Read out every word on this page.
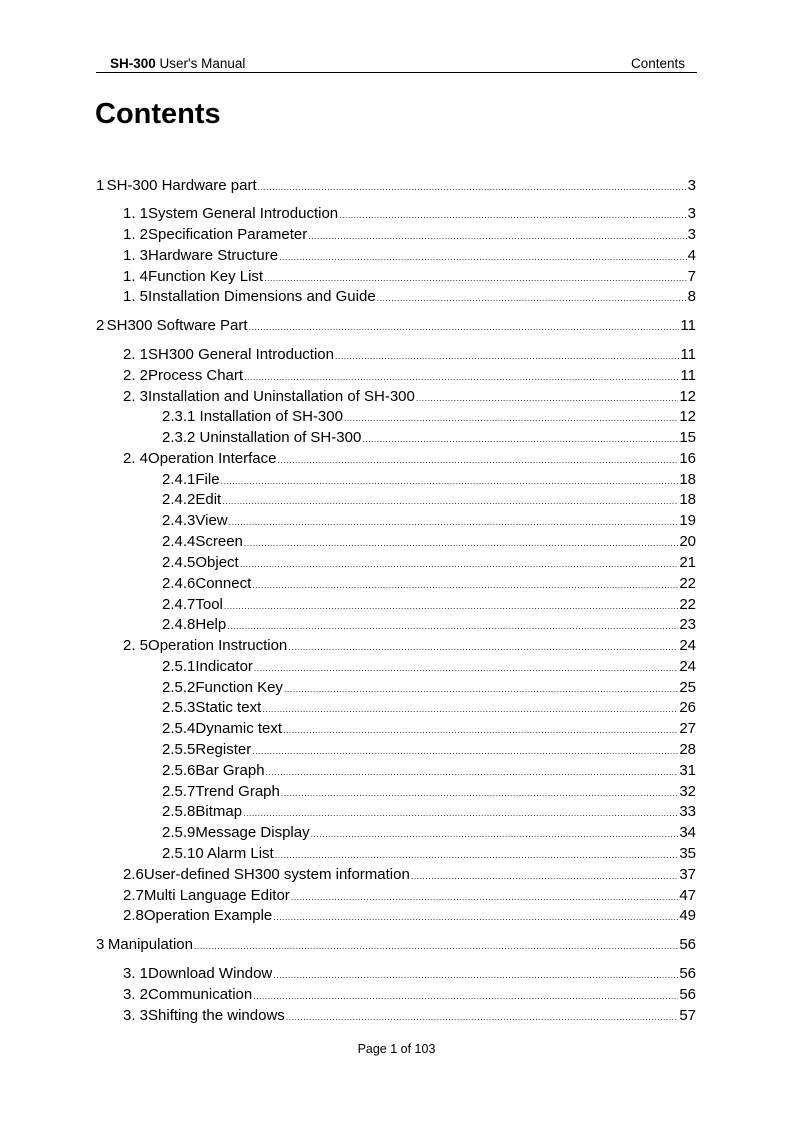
SH-300 User's Manual	Contents
Contents
1 SH-300 Hardware part .....	3
1. 1 System General Introduction .....	3
1. 2 Specification Parameter .....	3
1. 3 Hardware Structure .....	4
1. 4 Function Key List .....	7
1. 5 Installation Dimensions and Guide .....	8
2 SH300 Software Part .....	11
2. 1 SH300 General Introduction .....	11
2. 2 Process Chart .....	11
2. 3 Installation and Uninstallation of SH-300 .....	12
2.3.1 Installation of SH-300 .....	12
2.3.2 Uninstallation of SH-300 .....	15
2. 4 Operation Interface .....	16
2.4.1 File .....	18
2.4.2 Edit .....	18
2.4.3 View .....	19
2.4.4 Screen .....	20
2.4.5 Object .....	21
2.4.6 Connect .....	22
2.4.7 Tool .....	22
2.4.8 Help .....	23
2. 5 Operation Instruction .....	24
2.5.1 Indicator .....	24
2.5.2 Function Key .....	25
2.5.3 Static text .....	26
2.5.4 Dynamic text .....	27
2.5.5 Register .....	28
2.5.6 Bar Graph .....	31
2.5.7 Trend Graph .....	32
2.5.8 Bitmap .....	33
2.5.9 Message Display .....	34
2.5.10 Alarm List .....	35
2.6 User-defined SH300 system information .....	37
2.7 Multi Language Editor .....	47
2.8 Operation Example .....	49
3 Manipulation .....	56
3. 1 Download Window .....	56
3. 2 Communication .....	56
3. 3 Shifting the windows .....	57
Page 1 of 103
